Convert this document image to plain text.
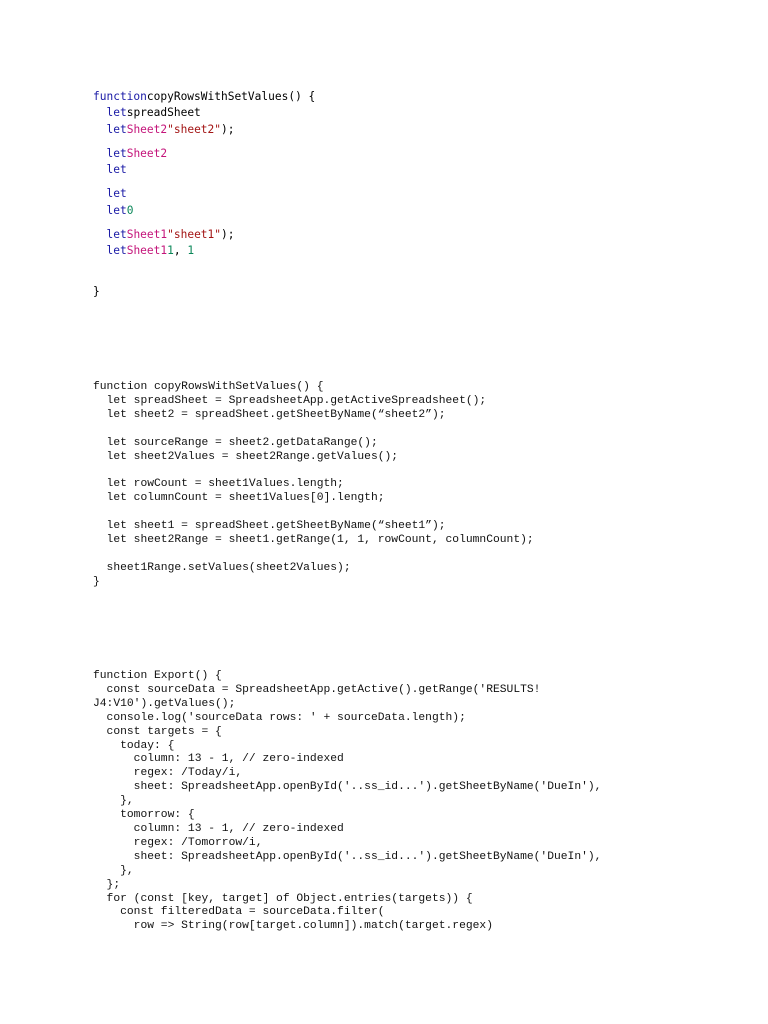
functioncopyRowsWithSetValues() {
letspreadSheet
letSheet2"sheet2");
letSheet2
let
let
let0
letSheet1"sheet1");
letSheet11, 1

}
function copyRowsWithSetValues() {
let spreadSheet = SpreadsheetApp.getActiveSpreadsheet();
let sheet2 = spreadSheet.getSheetByName(“sheet2”);
let sourceRange = sheet2.getDataRange();
let sheet2Values = sheet2Range.getValues();
let rowCount = sheet1Values.length;
let columnCount = sheet1Values[0].length;
let sheet1 = spreadSheet.getSheetByName(“sheet1”);
let sheet2Range = sheet1.getRange(1, 1, rowCount, columnCount);
sheet1Range.setValues(sheet2Values);
}
function Export() {
const sourceData = SpreadsheetApp.getActive().getRange('RESULTS!
J4:V10').getValues();
console.log('sourceData rows: ' + sourceData.length);
const targets = {
today: {
column: 13 - 1, // zero-indexed
regex: /Today/i,
sheet: SpreadsheetApp.openById('..ss_id...').getSheetByName('DueIn'),
},
tomorrow: {
column: 13 - 1, // zero-indexed
regex: /Tomorrow/i,
sheet: SpreadsheetApp.openById('..ss_id...').getSheetByName('DueIn'),
},
};
for (const [key, target] of Object.entries(targets)) {
const filteredData = sourceData.filter(
row => String(row[target.column]).match(target.regex)
